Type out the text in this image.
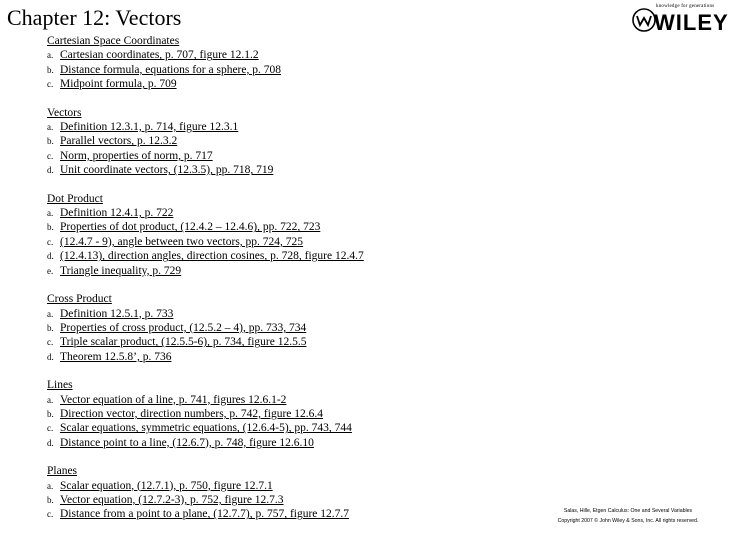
Chapter 12: Vectors	knowledge for generations
WILEY
Cartesian Space Coordinates
a. Cartesian coordinates, p. 707, figure 12.1.2
b. Distance formula, equations for a sphere, p. 708
c. Midpoint formula, p. 709
Vectors
a. Definition 12.3.1, p. 714, figure 12.3.1
b. Parallel vectors, p. 12.3.2
c. Norm, properties of norm, p. 717
d. Unit coordinate vectors, (12.3.5), pp. 718, 719
Dot Product
a. Definition 12.4.1, p. 722
b. Properties of dot product, (12.4.2 – 12.4.6), pp. 722, 723
c. (12.4.7 - 9), angle between two vectors, pp. 724, 725
d. (12.4.13), direction angles, direction cosines, p. 728, figure 12.4.7
e. Triangle inequality, p. 729
Cross Product
a. Definition 12.5.1, p. 733
b. Properties of cross product, (12.5.2 – 4), pp. 733, 734
c. Triple scalar product, (12.5.5-6), p. 734, figure 12.5.5
d. Theorem 12.5.8’, p. 736
Lines
a. Vector equation of a line, p. 741, figures 12.6.1-2
b. Direction vector, direction numbers, p. 742, figure 12.6.4
c. Scalar equations, symmetric equations, (12.6.4-5), pp. 743, 744
d. Distance point to a line, (12.6.7), p. 748, figure 12.6.10
Planes
a. Scalar equation, (12.7.1), p. 750, figure 12.7.1
b. Vector equation, (12.7.2-3), p. 752, figure 12.7.3
c. Distance from a point to a plane, (12.7.7), p. 757, figure 12.7.7	Salas, Hille, Etgen Calculus: One and Several Variables
Copyright 2007 © John Wiley & Sons, Inc. All rights reserved.
